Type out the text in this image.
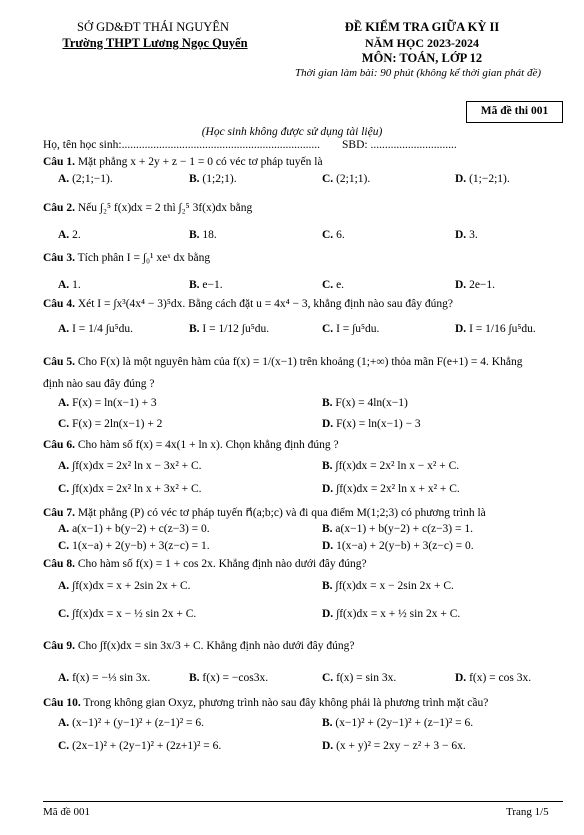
SỞ GD&ĐT THÁI NGUYÊN
Trường THPT Lương Ngọc Quyến
ĐỀ KIỂM TRA GIỮA KỲ II
NĂM HỌC 2023-2024
MÔN: TOÁN, LỚP 12
Thời gian làm bài: 90 phút (không kể thời gian phát đề)
Mã đề thi 001
(Học sinh không được sử dụng tài liệu)
Họ, tên học sinh:..................................................................... SBD: ..............................
Câu 1. Mặt phẳng x + 2y + z − 1 = 0 có véc tơ pháp tuyến là
A. (2;1;−1).	B. (1;2;1).	C. (2;1;1).	D. (1;−2;1).
Câu 2. Nếu ∫₂⁵ f(x)dx = 2 thì ∫₂⁵ 3f(x)dx bằng
A. 2.	B. 18.	C. 6.	D. 3.
Câu 3. Tích phân I = ∫₀¹ xeˣ dx bằng
A. 1.	B. e−1.	C. e.	D. 2e−1.
Câu 4. Xét I = ∫x³(4x⁴ − 3)⁵dx. Bằng cách đặt u = 4x⁴ − 3, khẳng định nào sau đây đúng?
A. I = 1/4 ∫u⁵du.	B. I = 1/12 ∫u⁵du.	C. I = ∫u⁵du.	D. I = 1/16 ∫u⁵du.
Câu 5. Cho F(x) là một nguyên hàm của f(x) = 1/(x−1) trên khoảng (1;+∞) thỏa mãn F(e+1) = 4. Khẳng
định nào sau đây đúng ?
A. F(x) = ln(x−1) + 3	B. F(x) = 4ln(x−1)
C. F(x) = 2ln(x−1) + 2	D. F(x) = ln(x−1) − 3
Câu 6. Cho hàm số f(x) = 4x(1 + ln x). Chọn khẳng định đúng ?
A. ∫f(x)dx = 2x² ln x − 3x² + C.	B. ∫f(x)dx = 2x² ln x − x² + C.
C. ∫f(x)dx = 2x² ln x + 3x² + C.	D. ∫f(x)dx = 2x² ln x + x² + C.
Câu 7. Mặt phẳng (P) có véc tơ pháp tuyến n⃗(a;b;c) và đi qua điểm M(1;2;3) có phương trình là
A. a(x−1) + b(y−2) + c(z−3) = 0.	B. a(x−1) + b(y−2) + c(z−3) = 1.
C. 1(x−a) + 2(y−b) + 3(z−c) = 1.	D. 1(x−a) + 2(y−b) + 3(z−c) = 0.
Câu 8. Cho hàm số f(x) = 1 + cos 2x. Khẳng định nào dưới đây đúng?
A. ∫f(x)dx = x + 2sin 2x + C.	B. ∫f(x)dx = x − 2sin 2x + C.
C. ∫f(x)dx = x − ½ sin 2x + C.	D. ∫f(x)dx = x + ½ sin 2x + C.
Câu 9. Cho ∫f(x)dx = sin 3x/3 + C. Khẳng định nào dưới đây đúng?
A. f(x) = −⅓ sin 3x.	B. f(x) = −cos3x.	C. f(x) = sin 3x.	D. f(x) = cos 3x.
Câu 10. Trong không gian Oxyz, phương trình nào sau đây không phải là phương trình mặt cầu?
A. (x−1)² + (y−1)² + (z−1)² = 6.	B. (x−1)² + (2y−1)² + (z−1)² = 6.
C. (2x−1)² + (2y−1)² + (2z+1)² = 6.	D. (x + y)² = 2xy − z² + 3 − 6x.
Mã đề 001	Trang 1/5
